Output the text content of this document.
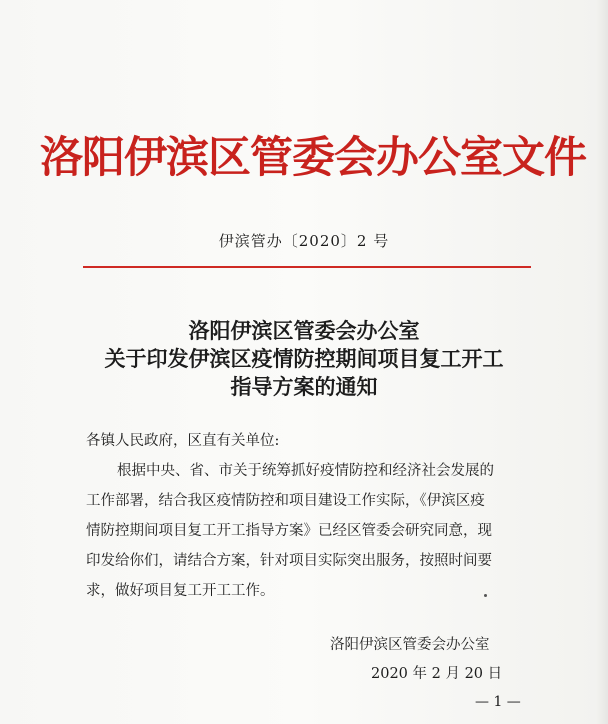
洛阳伊滨区管委会办公室文件
伊滨管办〔2020〕2 号
洛阳伊滨区管委会办公室
关于印发伊滨区疫情防控期间项目复工开工
指导方案的通知
各镇人民政府，区直有关单位:
根据中央、省、市关于统筹抓好疫情防控和经济社会发展的
工作部署，结合我区疫情防控和项目建设工作实际，《伊滨区疫
情防控期间项目复工开工指导方案》已经区管委会研究同意，现
印发给你们，请结合方案，针对项目实际突出服务，按照时间要
求，做好项目复工开工工作。
洛阳伊滨区管委会办公室
2020 年 2 月 20 日
— 1 —
